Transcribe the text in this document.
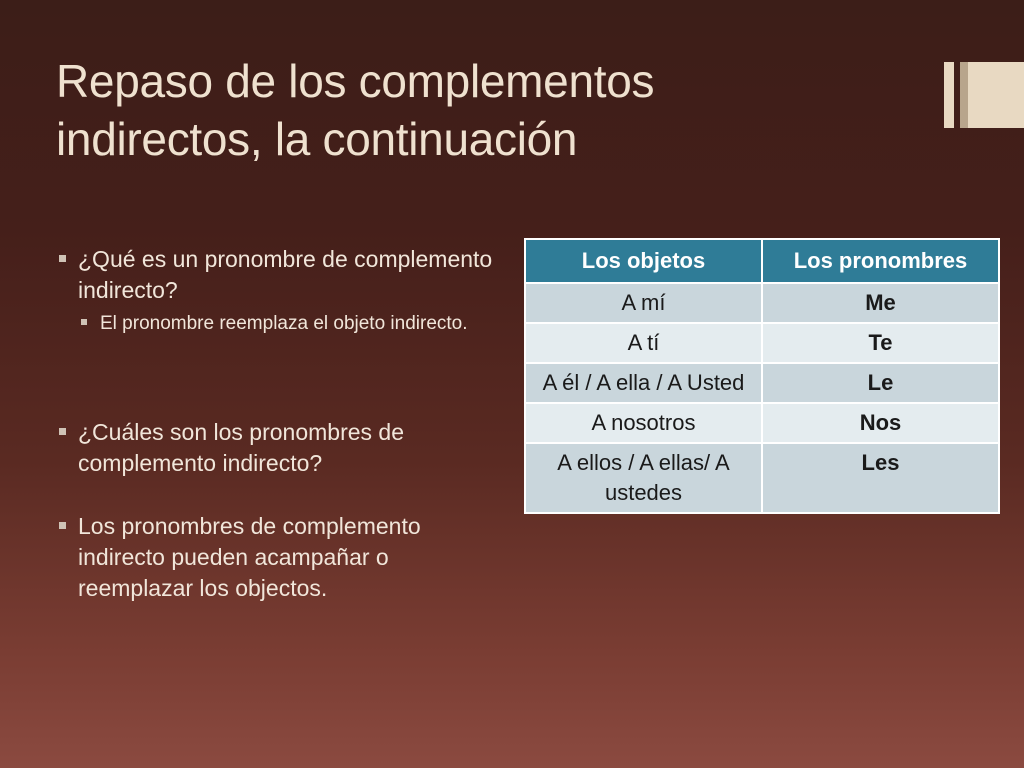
Repaso de los complementos
indirectos, la continuación
¿Qué es un pronombre de complemento indirecto?
El pronombre reemplaza el objeto indirecto.
¿Cuáles son los pronombres de complemento indirecto?
Los pronombres de complemento indirecto pueden acampañar o reemplazar los objectos.
Los objetos	Los pronombres
A mí	Me
A tí	Te
A él / A ella / A Usted	Le
A nosotros	Nos
A ellos / A ellas/ A ustedes	Les
